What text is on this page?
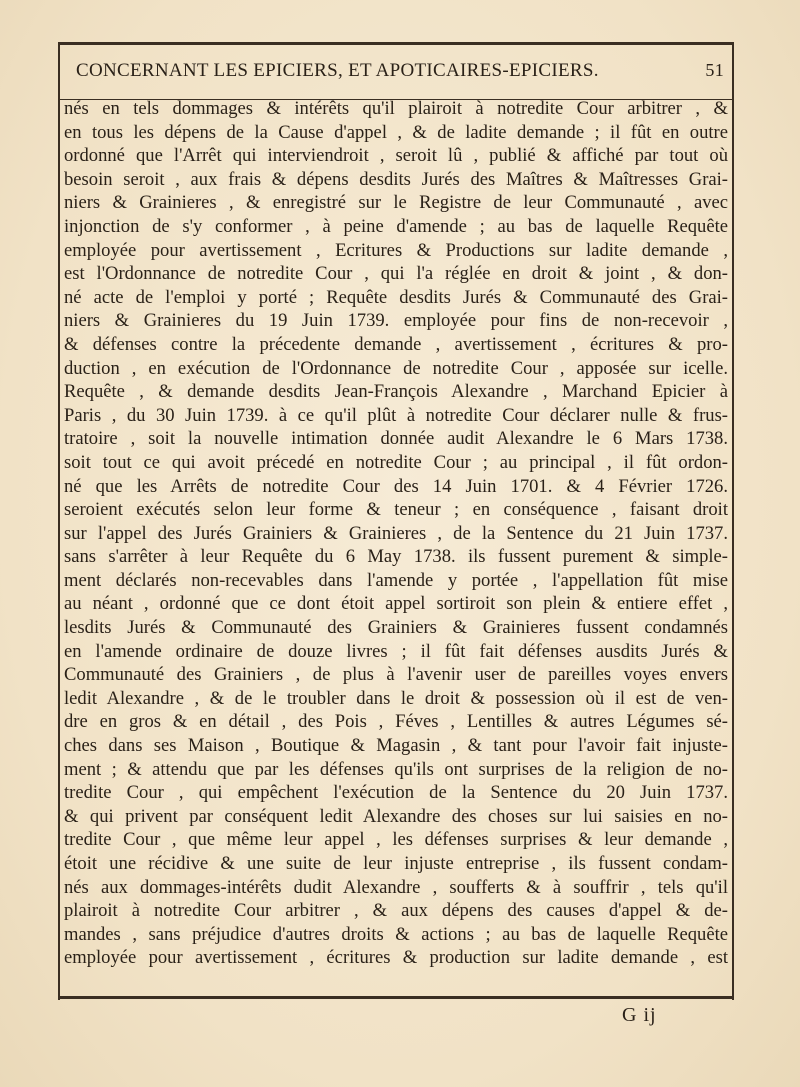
CONCERNANT LES EPICIERS, ET APOTICAIRES-EPICIERS.	51
nés en tels dommages & intérêts qu'il plairoit à notredite Cour arbitrer , &
en tous les dépens de la Cause d'appel , & de ladite demande ; il fût en outre
ordonné que l'Arrêt qui interviendroit , seroit lû , publié & affiché par tout où
besoin seroit , aux frais & dépens desdits Jurés des Maîtres & Maîtresses Grai-
niers & Grainieres , & enregistré sur le Registre de leur Communauté , avec
injonction de s'y conformer , à peine d'amende ; au bas de laquelle Requête
employée pour avertissement , Ecritures & Productions sur ladite demande ,
est l'Ordonnance de notredite Cour , qui l'a réglée en droit & joint , & don-
né acte de l'emploi y porté ; Requête desdits Jurés & Communauté des Grai-
niers & Grainieres du 19 Juin 1739. employée pour fins de non-recevoir ,
& défenses contre la précedente demande , avertissement , écritures & pro-
duction , en exécution de l'Ordonnance de notredite Cour , apposée sur icelle.
Requête , & demande desdits Jean-François Alexandre , Marchand Epicier à
Paris , du 30 Juin 1739. à ce qu'il plût à notredite Cour déclarer nulle & frus-
tratoire , soit la nouvelle intimation donnée audit Alexandre le 6 Mars 1738.
soit tout ce qui avoit précedé en notredite Cour ; au principal , il fût ordon-
né que les Arrêts de notredite Cour des 14 Juin 1701. & 4 Février 1726.
seroient exécutés selon leur forme & teneur ; en conséquence , faisant droit
sur l'appel des Jurés Grainiers & Grainieres , de la Sentence du 21 Juin 1737.
sans s'arrêter à leur Requête du 6 May 1738. ils fussent purement & simple-
ment déclarés non-recevables dans l'amende y portée , l'appellation fût mise
au néant , ordonné que ce dont étoit appel sortiroit son plein & entiere effet ,
lesdits Jurés & Communauté des Grainiers & Grainieres fussent condamnés
en l'amende ordinaire de douze livres ; il fût fait défenses ausdits Jurés &
Communauté des Grainiers , de plus à l'avenir user de pareilles voyes envers
ledit Alexandre , & de le troubler dans le droit & possession où il est de ven-
dre en gros & en détail , des Pois , Féves , Lentilles & autres Légumes sé-
ches dans ses Maison , Boutique & Magasin , & tant pour l'avoir fait injuste-
ment ; & attendu que par les défenses qu'ils ont surprises de la religion de no-
tredite Cour , qui empêchent l'exécution de la Sentence du 20 Juin 1737.
& qui privent par conséquent ledit Alexandre des choses sur lui saisies en no-
tredite Cour , que même leur appel , les défenses surprises & leur demande ,
étoit une récidive & une suite de leur injuste entreprise , ils fussent condam-
nés aux dommages-intérêts dudit Alexandre , soufferts & à souffrir , tels qu'il
plairoit à notredite Cour arbitrer , & aux dépens des causes d'appel & de-
mandes , sans préjudice d'autres droits & actions ; au bas de laquelle Requête
employée pour avertissement , écritures & production sur ladite demande , est
G ij
